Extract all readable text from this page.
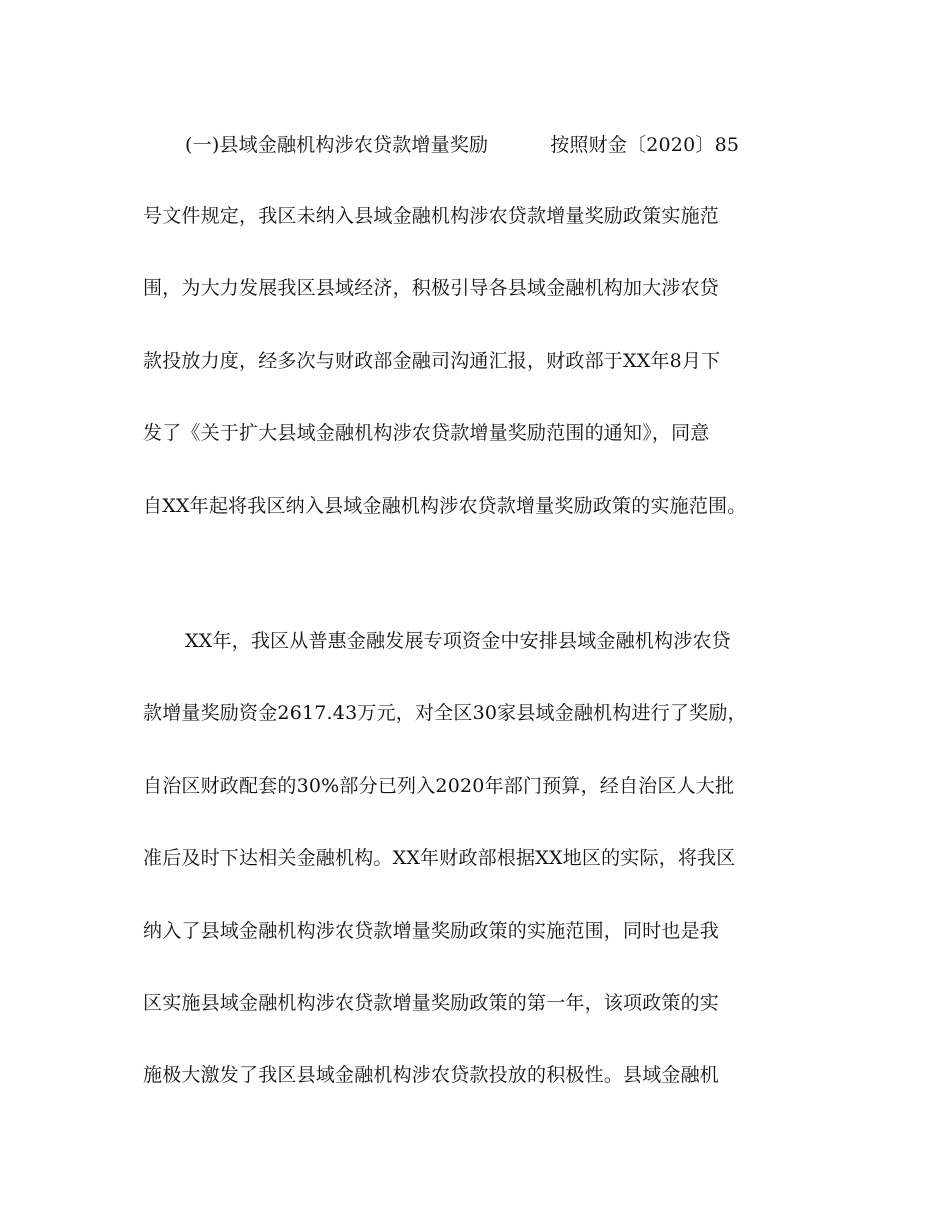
(一)县域金融机构涉农贷款增量奖励	按照财金〔2020〕85
号文件规定，我区未纳入县域金融机构涉农贷款增量奖励政策实施范
围，为大力发展我区县域经济，积极引导各县域金融机构加大涉农贷
款投放力度，经多次与财政部金融司沟通汇报，财政部于XX年8月下
发了《关于扩大县域金融机构涉农贷款增量奖励范围的通知》，同意
自XX年起将我区纳入县域金融机构涉农贷款增量奖励政策的实施范围。
XX年，我区从普惠金融发展专项资金中安排县域金融机构涉农贷
款增量奖励资金2617.43万元，对全区30家县域金融机构进行了奖励，
自治区财政配套的30%部分已列入2020年部门预算，经自治区人大批
准后及时下达相关金融机构。XX年财政部根据XX地区的实际，将我区
纳入了县域金融机构涉农贷款增量奖励政策的实施范围，同时也是我
区实施县域金融机构涉农贷款增量奖励政策的第一年，该项政策的实
施极大激发了我区县域金融机构涉农贷款投放的积极性。县域金融机
